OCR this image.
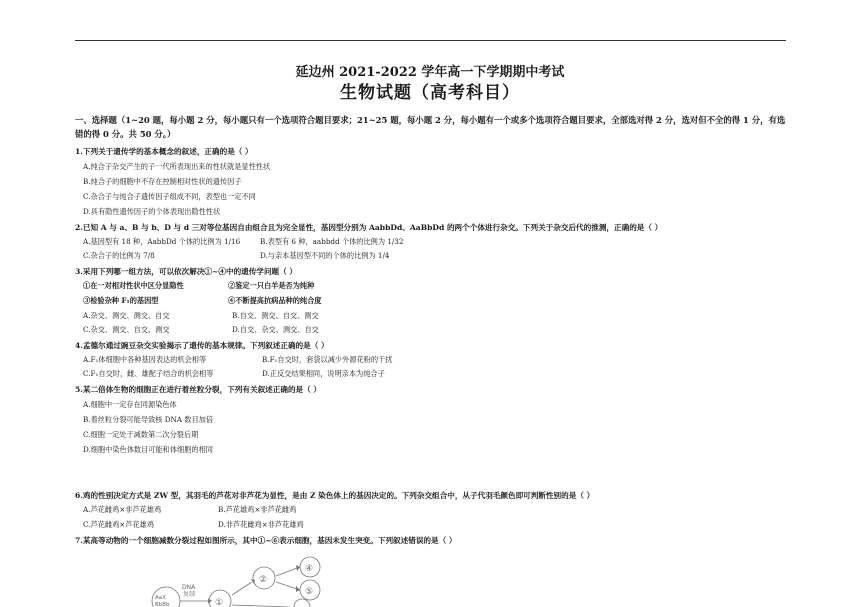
延边州 2021-2022 学年高一下学期期中考试
生物试题（高考科目）
一、选择题（1~20 题，每小题 2 分，每小题只有一个选项符合题目要求；21~25 题，每小题 2 分，每小题有一个或多个选项符合题目要求，全部选对得 2 分，选对但不全的得 1 分，有选错的得 0 分。共 50 分。）
1.下列关于遗传学的基本概念的叙述，正确的是（ ）
A.纯合子杂交产生的子一代所表现出来的性状就是显性性状
B.纯合子的细胞中不存在控制相对性状的遗传因子
C.杂合子与纯合子遗传因子组成不同，表型也一定不同
D.具有隐性遗传因子的个体表现出隐性性状
2.已知 A 与 a、B 与 b、D 与 d 三对等位基因自由组合且为完全显性，基因型分别为 AabbDd、AaBbDd 的两个个体进行杂交。下列关于杂交后代的推测，正确的是（ ）
A.基因型有 18 种，AabbDd 个体的比例为 1/16	B.表型有 6 种，aabbdd 个体的比例为 1/32
C.杂合子的比例为 7/8	D.与亲本基因型不同的个体的比例为 1/4
3.采用下列哪一组方法，可以依次解决①~④中的遗传学问题（ ）
①在一对相对性状中区分显隐性	②鉴定一只白羊是否为纯种
③检验杂种 F₁的基因型	④不断提高抗病品种的纯合度
A.杂交、测交、测交、自交	B.自交、测交、自交、测交
C.杂交、测交、自交、测交	D.自交、杂交、测交、自交
4.孟德尔通过豌豆杂交实验揭示了遗传的基本规律。下列叙述正确的是（ ）
A.F₁体细胞中各种基因表达的机会相等	B.F₁自交时，套袋以减少外源花粉的干扰
C.F₁自交时，雌、雄配子结合的机会相等	D.正反交结果相同，说明亲本为纯合子
5.某二倍体生物的细胞正在进行着丝粒分裂，下列有关叙述正确的是（ ）
A.细胞中一定存在同源染色体
B.着丝粒分裂可能导致核 DNA 数目加倍
C.细胞一定处于减数第二次分裂后期
D.细胞中染色体数目可能和体细胞的相同
6.鸡的性别决定方式是 ZW 型，其羽毛的芦花对非芦花为显性，是由 Z 染色体上的基因决定的。下列杂交组合中，从子代羽毛颜色即可判断性别的是（ ）
A.芦花雌鸡×非芦花雄鸡	B.芦花雄鸡×非芦花雌鸡
C.芦花雌鸡×芦花雄鸡	D.非芦花雌鸡×非芦花雄鸡
7.某高等动物的一个细胞减数分裂过程如图所示，其中①~⑥表示细胞，基因未发生突变。下列叙述错误的是（ ）
DNA
复制
AaX
BbBb	①
②
④
⑤
